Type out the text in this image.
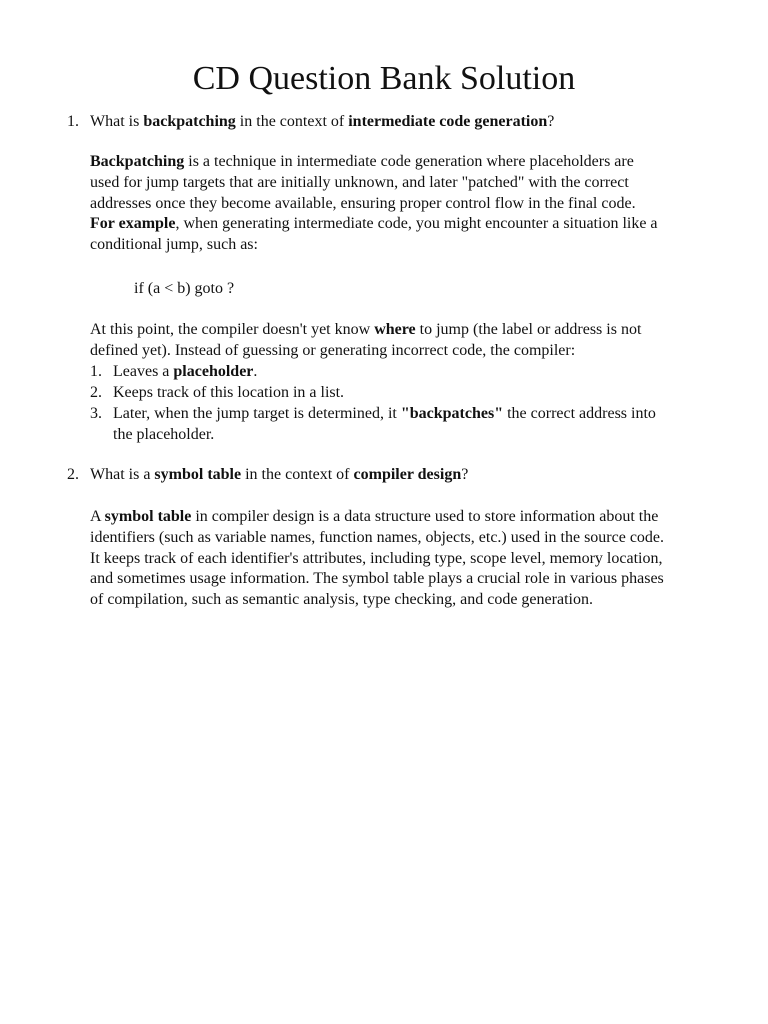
CD Question Bank Solution
1. What is backpatching in the context of intermediate code generation?
Backpatching is a technique in intermediate code generation where placeholders are
used for jump targets that are initially unknown, and later "patched" with the correct
addresses once they become available, ensuring proper control flow in the final code.
For example, when generating intermediate code, you might encounter a situation like a
conditional jump, such as:
if (a < b) goto ?
At this point, the compiler doesn't yet know where to jump (the label or address is not
defined yet). Instead of guessing or generating incorrect code, the compiler:
1. Leaves a placeholder.
2. Keeps track of this location in a list.
3. Later, when the jump target is determined, it "backpatches" the correct address into
the placeholder.
2. What is a symbol table in the context of compiler design?
A symbol table in compiler design is a data structure used to store information about the
identifiers (such as variable names, function names, objects, etc.) used in the source code.
It keeps track of each identifier's attributes, including type, scope level, memory location,
and sometimes usage information. The symbol table plays a crucial role in various phases
of compilation, such as semantic analysis, type checking, and code generation.
